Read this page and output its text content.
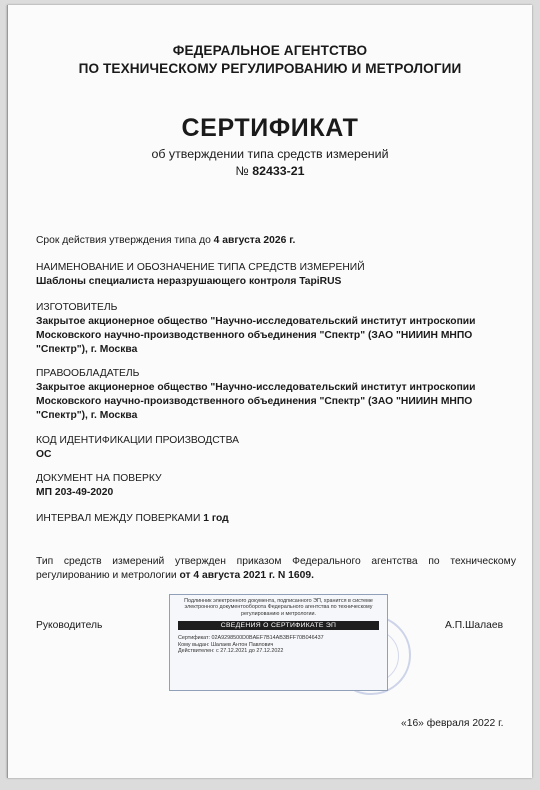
ФЕДЕРАЛЬНОЕ АГЕНТСТВО
ПО ТЕХНИЧЕСКОМУ РЕГУЛИРОВАНИЮ И МЕТРОЛОГИИ
СЕРТИФИКАТ
об утверждении типа средств измерений
№ 82433-21
Срок действия утверждения типа до 4 августа 2026 г.
НАИМЕНОВАНИЕ И ОБОЗНАЧЕНИЕ ТИПА СРЕДСТВ ИЗМЕРЕНИЙ
Шаблоны специалиста неразрушающего контроля TapiRUS
ИЗГОТОВИТЕЛЬ
Закрытое акционерное общество "Научно-исследовательский институт интроскопии
Московского научно-производственного объединения "Спектр" (ЗАО "НИИИН МНПО
"Спектр"), г. Москва
ПРАВООБЛАДАТЕЛЬ
Закрытое акционерное общество "Научно-исследовательский институт интроскопии
Московского научно-производственного объединения "Спектр" (ЗАО "НИИИН МНПО
"Спектр"), г. Москва
КОД ИДЕНТИФИКАЦИИ ПРОИЗВОДСТВА
ОС
ДОКУМЕНТ НА ПОВЕРКУ
МП 203-49-2020
ИНТЕРВАЛ МЕЖДУ ПОВЕРКАМИ 1 год
Тип средств измерений утвержден приказом Федерального агентства по техническому регулированию и метрологии от 4 августа 2021 г. N 1609.
Руководитель
Подлинник электронного документа, подписанного ЭП, хранится в системе электронного документооборота Федерального агентства по техническому регулированию и метрологии.
СВЕДЕНИЯ О СЕРТИФИКАТЕ ЭП
Сертификат: 02A9298500D0BAEF7B14AB3BFF70B046437
Кому выдан: Шалаев Антон Павлович
Действителен: с 27.12.2021 до 27.12.2022
А.П.Шалаев
«16» февраля 2022 г.
